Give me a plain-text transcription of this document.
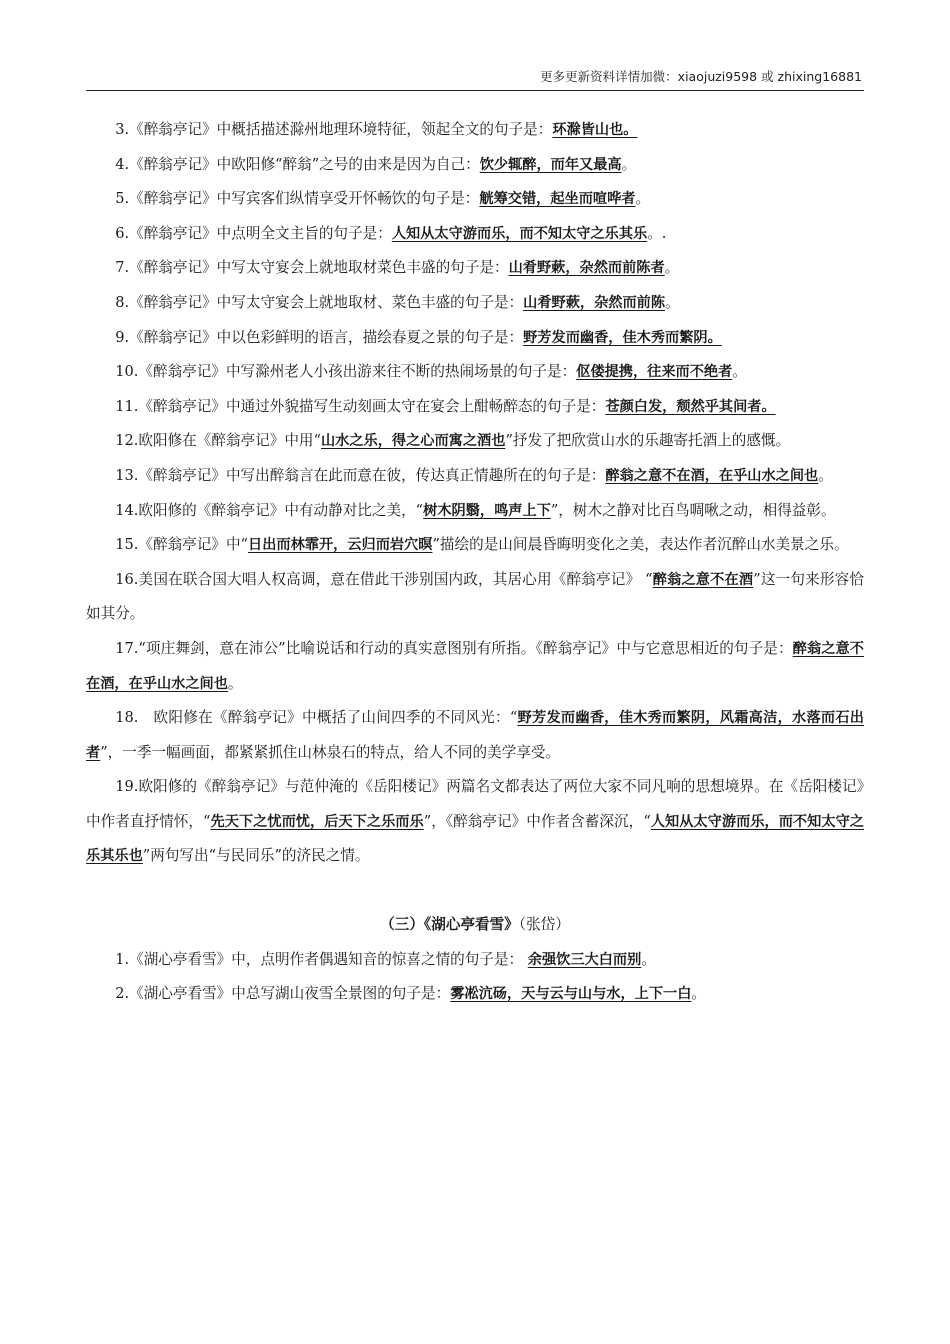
更多更新资料详情加微：xiaojuzi9598 或 zhixing16881

3.《醉翁亭记》中概括描述滁州地理环境特征，领起全文的句子是：环滁皆山也。

4.《醉翁亭记》中欧阳修“醉翁”之号的由来是因为自己：饮少辄醉，而年又最高。

5.《醉翁亭记》中写宾客们纵情享受开怀畅饮的句子是：觥筹交错，起坐而喧哗者。

6.《醉翁亭记》中点明全文主旨的句子是：人知从太守游而乐，而不知太守之乐其乐。.

7.《醉翁亭记》中写太守宴会上就地取材菜色丰盛的句子是：山肴野蔌，杂然而前陈者。

8.《醉翁亭记》中写太守宴会上就地取材、菜色丰盛的句子是：山肴野蔌，杂然而前陈。

9.《醉翁亭记》中以色彩鲜明的语言，描绘春夏之景的句子是：野芳发而幽香，佳木秀而繁阴。

10.《醉翁亭记》中写滁州老人小孩出游来往不断的热闹场景的句子是：伛偻提携，往来而不绝者。

11.《醉翁亭记》中通过外貌描写生动刻画太守在宴会上酣畅醉态的句子是：苍颜白发，颓然乎其间者。

12.欧阳修在《醉翁亭记》中用“山水之乐，得之心而寓之酒也”抒发了把欣赏山水的乐趣寄托酒上的感慨。

13.《醉翁亭记》中写出醉翁言在此而意在彼，传达真正情趣所在的句子是：醉翁之意不在酒，在乎山水之间也。

14.欧阳修的《醉翁亭记》中有动静对比之美，“树木阴翳，鸣声上下”，树木之静对比百鸟啁啾之动，相得益彰。

15.《醉翁亭记》中“日出而林霏开，云归而岩穴暝”描绘的是山间晨昏晦明变化之美，表达作者沉醉山水美景之乐。

16.美国在联合国大唱人权高调，意在借此干涉别国内政，其居心用《醉翁亭记》 “醉翁之意不在酒”这一句来形容恰如其分。

17.“项庄舞剑，意在沛公”比喻说话和行动的真实意图别有所指。《醉翁亭记》中与它意思相近的句子是：醉翁之意不在酒，在乎山水之间也。

18.　欧阳修在《醉翁亭记》中概括了山间四季的不同风光：“野芳发而幽香，佳木秀而繁阴，风霜高洁，水落而石出者”，一季一幅画面，都紧紧抓住山林泉石的特点，给人不同的美学享受。

19.欧阳修的《醉翁亭记》与范仲淹的《岳阳楼记》两篇名文都表达了两位大家不同凡响的思想境界。在《岳阳楼记》中作者直抒情怀，“先天下之忧而忧，后天下之乐而乐”，《醉翁亭记》中作者含蓄深沉，“人知从太守游而乐，而不知太守之乐其乐也”两句写出“与民同乐”的济民之情。

（三）《湖心亭看雪》（张岱）

1.《湖心亭看雪》中，点明作者偶遇知音的惊喜之情的句子是： 余强饮三大白而别。

2.《湖心亭看雪》中总写湖山夜雪全景图的句子是：雾凇沆砀，天与云与山与水，上下一白。
